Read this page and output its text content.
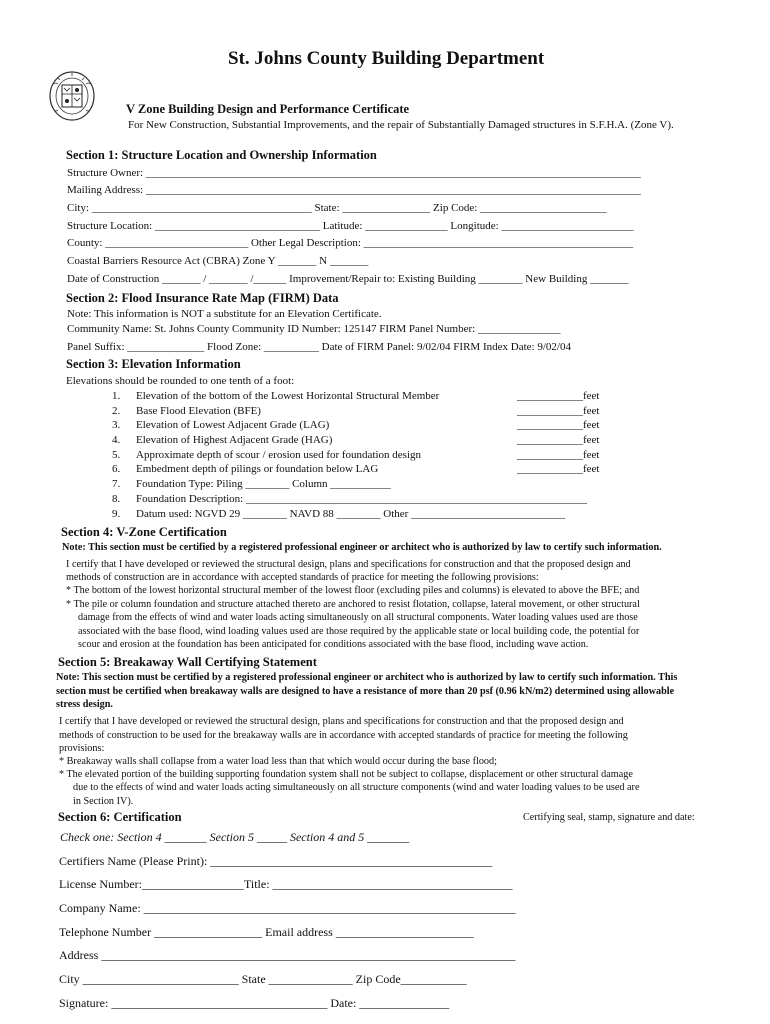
St. Johns County Building Department
V Zone Building Design and Performance Certificate
For New Construction, Substantial Improvements, and the repair of Substantially Damaged structures in S.F.H.A. (Zone V).
Section 1: Structure Location and Ownership Information
Structure Owner: __________________________________________________________________________________________
Mailing Address: __________________________________________________________________________________________
City: ________________________________________ State: ________________ Zip Code: _______________________
Structure Location: ______________________________ Latitude: _______________ Longitude: ________________________
County: __________________________ Other Legal Description: _________________________________________________
Coastal Barriers Resource Act (CBRA) Zone Y _______ N _______
Date of Construction _______ / _______ /______ Improvement/Repair to: Existing Building ________ New Building _______
Section 2: Flood Insurance Rate Map (FIRM) Data
Note: This information is NOT a substitute for an Elevation Certificate.
Community Name: St. Johns County Community ID Number: 125147 FIRM Panel Number: _______________
Panel Suffix: ______________ Flood Zone: __________ Date of FIRM Panel: 9/02/04 FIRM Index Date: 9/02/04
Section 3: Elevation Information
Elevations should be rounded to one tenth of a foot:
1. Elevation of the bottom of the Lowest Horizontal Structural Member	____________feet
2. Base Flood Elevation (BFE)	____________feet
3. Elevation of Lowest Adjacent Grade (LAG)	____________feet
4. Elevation of Highest Adjacent Grade (HAG)	____________feet
5. Approximate depth of scour / erosion used for foundation design	____________feet
6. Embedment depth of pilings or foundation below LAG	____________feet
7. Foundation Type: Piling ________ Column ___________
8. Foundation Description: ______________________________________________________________
9. Datum used: NGVD 29 ________ NAVD 88 ________ Other ____________________________
Section 4: V-Zone Certification
Note: This section must be certified by a registered professional engineer or architect who is authorized by law to certify such information.
I certify that I have developed or reviewed the structural design, plans and specifications for construction and that the proposed design and
methods of construction are in accordance with accepted standards of practice for meeting the following provisions:
* The bottom of the lowest horizontal structural member of the lowest floor (excluding piles and columns) is elevated to above the BFE; and
* The pile or column foundation and structure attached thereto are anchored to resist flotation, collapse, lateral movement, or other structural
damage from the effects of wind and water loads acting simultaneously on all structural components. Water loading values used are those
associated with the base flood, wind loading values used are those required by the applicable state or local building code, the potential for
scour and erosion at the foundation has been anticipated for conditions associated with the base flood, including wave action.
Section 5: Breakaway Wall Certifying Statement
Note: This section must be certified by a registered professional engineer or architect who is authorized by law to certify such information. This
section must be certified when breakaway walls are designed to have a resistance of more than 20 psf (0.96 kN/m2) determined using allowable
stress design.
I certify that I have developed or reviewed the structural design, plans and specifications for construction and that the proposed design and
methods of construction to be used for the breakaway walls are in accordance with accepted standards of practice for meeting the following
provisions:
* Breakaway walls shall collapse from a water load less than that which would occur during the base flood;
* The elevated portion of the building supporting foundation system shall not be subject to collapse, displacement or other structural damage
due to the effects of wind and water loads acting simultaneously on all structure components (wind and water loading values to be used are
in Section IV).
Section 6: Certification	Certifying seal, stamp, signature and date:
Check one: Section 4 _______ Section 5 _____ Section 4 and 5 _______
Certifiers Name (Please Print): _______________________________________________
License Number:_________________Title: ________________________________________
Company Name: ______________________________________________________________
Telephone Number __________________ Email address _______________________
Address _____________________________________________________________________
City __________________________ State ______________ Zip Code___________
Signature: ____________________________________ Date: _______________
